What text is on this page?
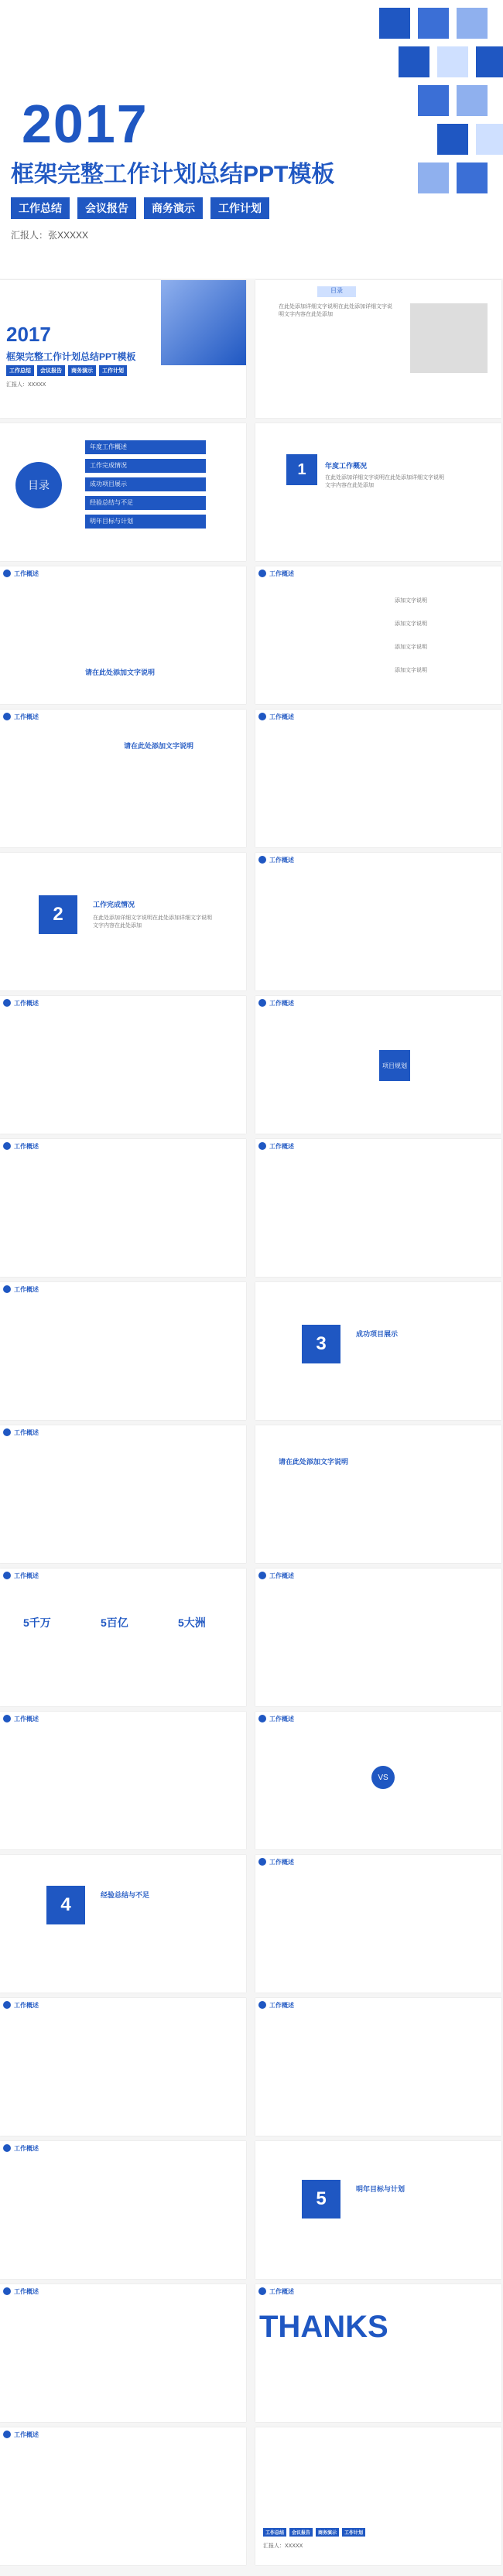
2017
框架完整工作计划总结PPT模板
工作总结	会议报告	商务演示	工作计划
汇报人：张XXXXX
2017
框架完整工作计划总结PPT模板
工作总结	会议报告	商务演示	工作计划
汇报人：XXXXX
目录
在此处添加详细文字说明在此处添加详细文字说明文字内容在此处添加
目录
年度工作概述
工作完成情况
成功项目展示
经验总结与不足
明年目标与计划
1	年度工作概况
在此处添加详细文字说明在此处添加详细文字说明文字内容在此处添加
工作概述
请在此处添加文字说明
工作概述
添加文字说明
添加文字说明
添加文字说明
添加文字说明
工作概述
请在此处添加文字说明
工作概述
2	工作完成情况
在此处添加详细文字说明在此处添加详细文字说明文字内容在此处添加
工作概述
工作概述	工作概述
项目规划
工作概述	工作概述
工作概述
3	成功项目展示
工作概述
请在此处添加文字说明
工作概述
5千万	5百亿	5大洲
工作概述
工作概述	工作概述
VS
4	经验总结与不足
工作概述
工作概述	工作概述
工作概述
5	明年目标与计划
工作概述	工作概述
工作概述
工作总结	会议报告	商务演示	工作计划
汇报人：XXXXX
THANKS
